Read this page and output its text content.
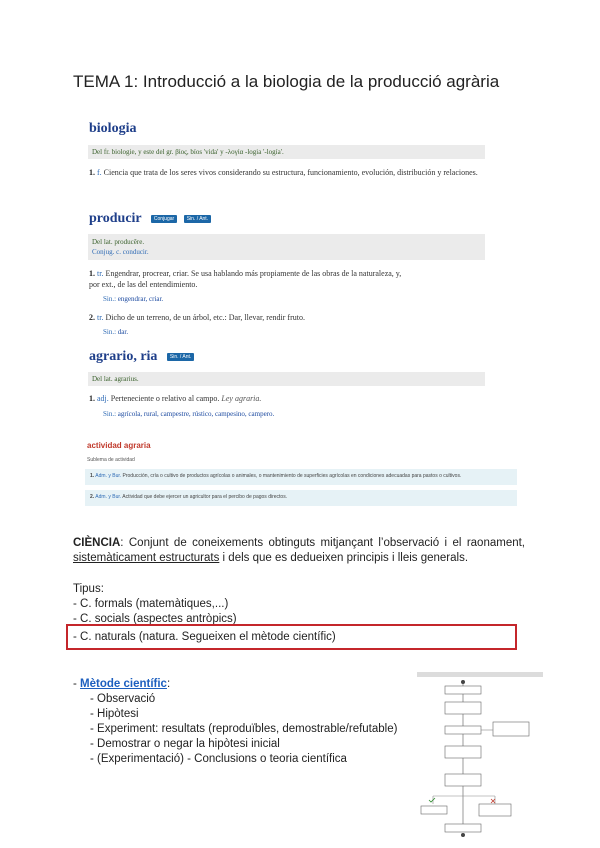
TEMA 1: Introducció a la biologia de la producció agrària
biologia
Del fr. biologie, y este del gr. βίος, bíos 'vida' y -λογία -logia '-logía'.
1. f. Ciencia que trata de los seres vivos considerando su estructura, funcionamiento, evolución, distribución y relaciones.
producir	Conjugar	Sin. / Ant.
Del lat. producĕre.
Conjug. c. conducir.
1. tr. Engendrar, procrear, criar. Se usa hablando más propiamente de las obras de la naturaleza, y,
por ext., de las del entendimiento.
Sin.: engendrar, criar.
2. tr. Dicho de un terreno, de un árbol, etc.: Dar, llevar, rendir fruto.
Sin.: dar.
agrario, ria	Sin. / Ant.
Del lat. agrarius.
1. adj. Perteneciente o relativo al campo. Ley agraria.
Sin.: agrícola, rural, campestre, rústico, campesino, campero.
actividad agraria
Sublema de actividad
1. Adm. y Bur. Producción, cría o cultivo de productos agrícolas o animales, o mantenimiento de superficies agrícolas en condiciones adecuadas para pastos o cultivos.
2. Adm. y Bur. Actividad que debe ejercer un agricultor para el percibo de pagos directos.
CIÈNCIA: Conjunt de coneixements obtinguts mitjançant l’observació i el raonament, sistemàticament estructurats i dels que es dedueixen principis i lleis generals.
Tipus:
- C. formals (matemàtiques,...)
- C. socials (aspectes antròpics)
- C. naturals (natura. Segueixen el mètode científic)
- Mètode científic:
- Observació
- Hipòtesi
- Experiment: resultats (reproduïbles, demostrable/refutable)
- Demostrar o negar la hipòtesi inicial
- (Experimentació) - Conclusions o teoria científica
